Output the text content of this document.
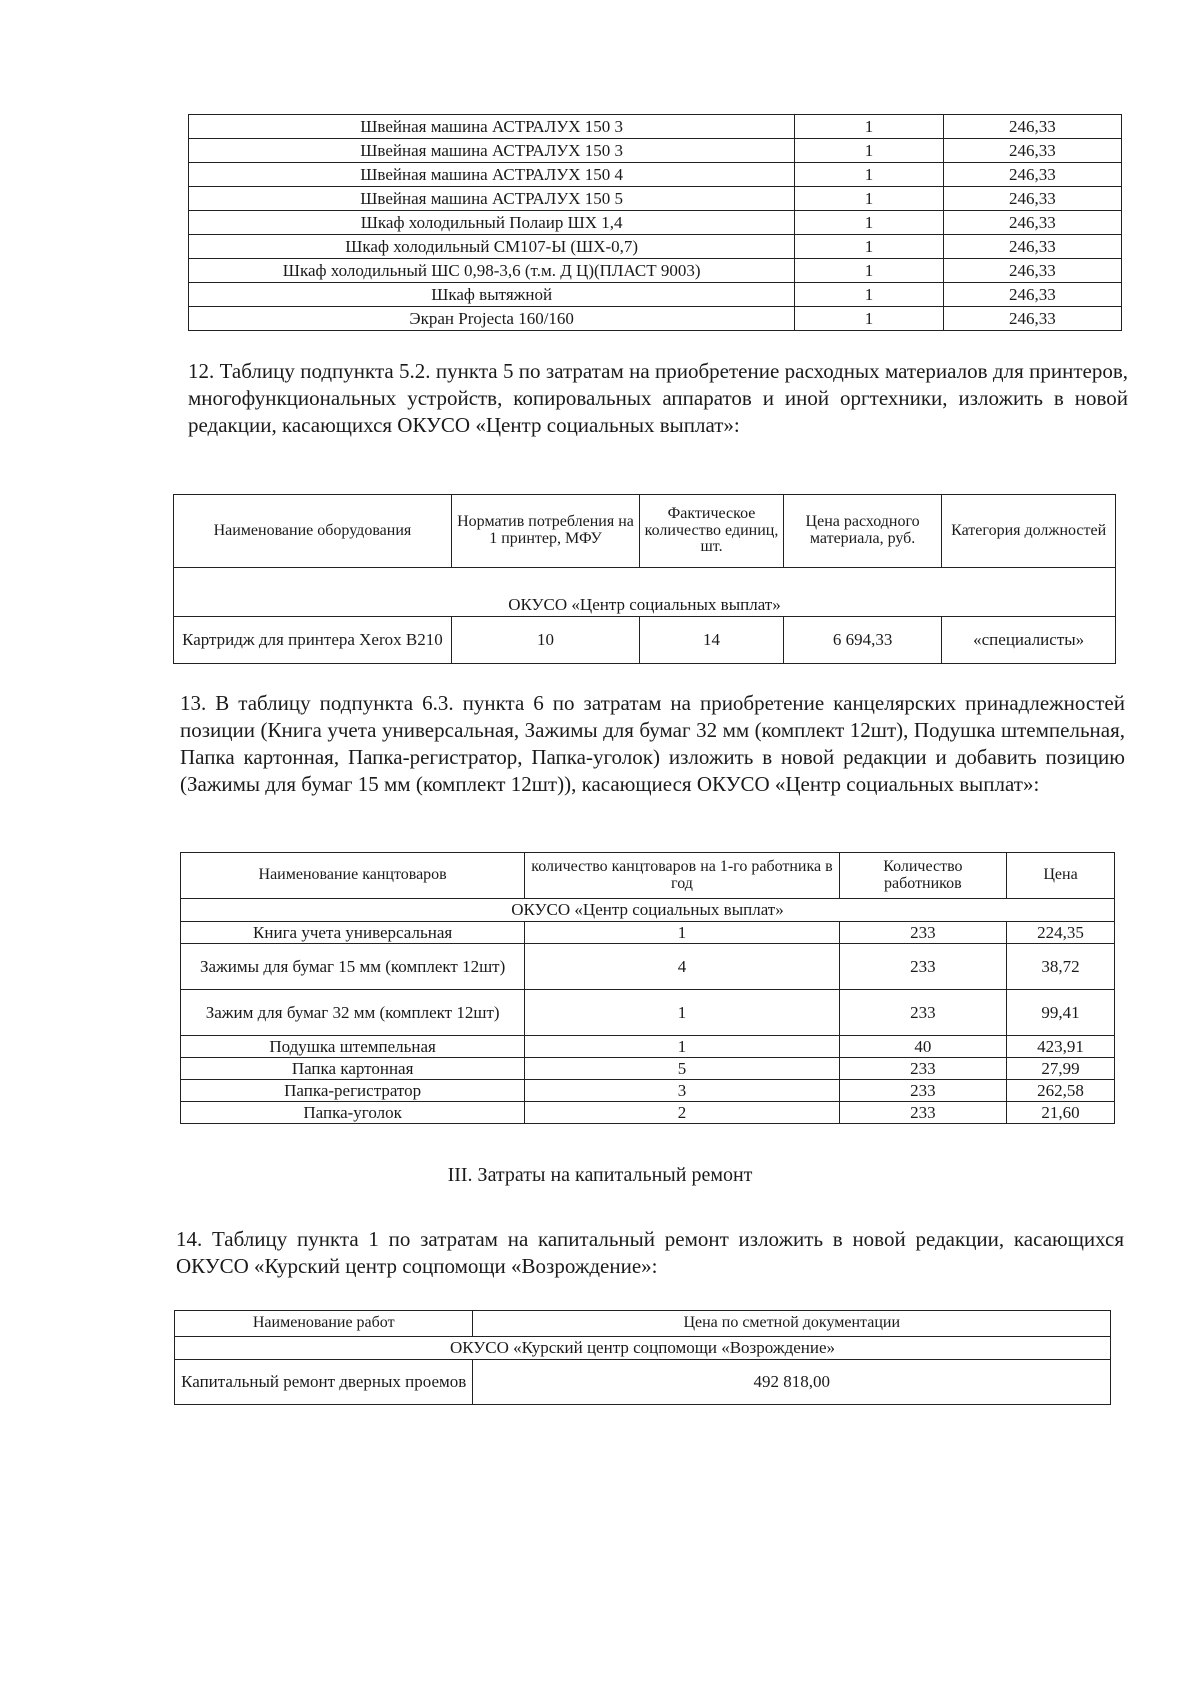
Швейная машина АСТРАЛУХ 150 3	1	246,33
Швейная машина АСТРАЛУХ 150 3	1	246,33
Швейная машина АСТРАЛУХ 150 4	1	246,33
Швейная машина АСТРАЛУХ 150 5	1	246,33
Шкаф холодильный Полаир ШХ 1,4	1	246,33
Шкаф холодильный СМ107-Ы (ШХ-0,7)	1	246,33
Шкаф холодильный ШС 0,98-3,6 (т.м. Д Ц)(ПЛАСТ 9003)	1	246,33
Шкаф вытяжной	1	246,33
Экран Projecta 160/160	1	246,33
12. Таблицу подпункта 5.2. пункта 5 по затратам на приобретение расходных материалов для принтеров, многофункциональных устройств, копировальных аппаратов и иной оргтехники, изложить в новой редакции, касающихся ОКУСО «Центр социальных выплат»:
Наименование оборудования	Норматив потребления на 1 принтер, МФУ	Фактическое количество единиц, шт.	Цена расходного материала, руб.	Категория должностей
ОКУСО «Центр социальных выплат»				
Картридж для принтера Xerox B210	10	14	6 694,33	«специалисты»
13. В таблицу подпункта 6.3. пункта 6 по затратам на приобретение канцелярских принадлежностей позиции (Книга учета универсальная, Зажимы для бумаг 32 мм (комплект 12шт), Подушка штемпельная, Папка картонная, Папка-регистратор, Папка-уголок) изложить в новой редакции и добавить позицию (Зажимы для бумаг 15 мм (комплект 12шт)), касающиеся ОКУСО «Центр социальных выплат»:
Наименование канцтоваров	количество канцтоваров на 1-го работника в год	Количество работников	Цена
ОКУСО «Центр социальных выплат»			
Книга учета универсальная	1	233	224,35
Зажимы для бумаг 15 мм (комплект 12шт)	4	233	38,72
Зажим для бумаг 32 мм (комплект 12шт)	1	233	99,41
Подушка штемпельная	1	40	423,91
Папка картонная	5	233	27,99
Папка-регистратор	3	233	262,58
Папка-уголок	2	233	21,60
III. Затраты на капитальный ремонт
14. Таблицу пункта 1 по затратам на капитальный ремонт изложить в новой редакции, касающихся ОКУСО «Курский центр соцпомощи «Возрождение»:
Наименование работ	Цена по сметной документации
ОКУСО «Курский центр соцпомощи «Возрождение»	
Капитальный ремонт дверных проемов	492 818,00
